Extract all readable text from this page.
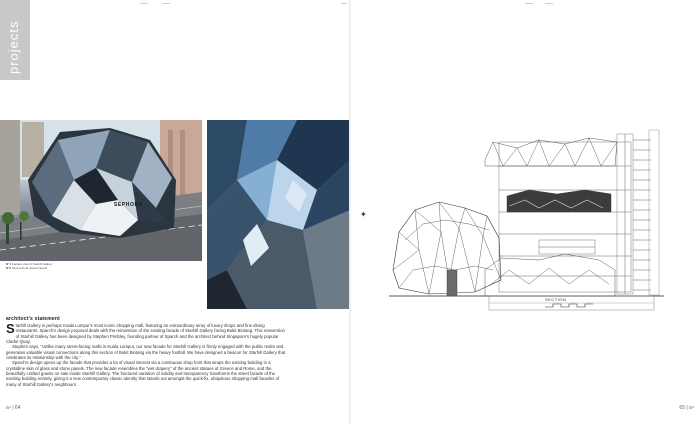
projects
SEPHORA
N°1 Facade view of Starhill Gallery
N°2 Geometrical visual interest
architect's statement
S tarhill Gallery is perhaps Kuala Lumpur's most iconic shopping mall, featuring an extraordinary array of luxury shops and fine dining restaurants. Sparch's design proposal deals with the reinvention of the existing facade of Starhill Gallery facing Bukit Bintang. This reinvention of Starhill Gallery has been designed by Stephen Pimbley, founding partner of Sparch and the architect behind Singapore's hugely popular Clarke Quay.

Stephen says, "Unlike many street-facing malls in Kuala Lumpur, our new facade for Starhill Gallery is firmly engaged with the public realm and generates valuable visual connections along this section of Bukit Bintang via the heavy footfall. We have designed a beacon for Starhill Gallery that celebrates its relationship with the city."

Sparch's design opens up the facade that provides a lot of visual interest via a continuous shop front that wraps the existing building in a crystalline skin of glass and stone panels. The new facade resembles the "wet drapery" of the ancient statues of Greece and Rome, and the beautifully crafted gowns on sale inside Starhill Gallery. The fractured variation of solidity and transparency transforms the street facade of the existing building entirely, giving it a new contemporary classic identity that stands out amongst the quick-fix, ubiquitous shopping mall facades of many of Starhill Gallery's neighbours.

a⁴ | 64
✦
SECTION
65 | a⁴
